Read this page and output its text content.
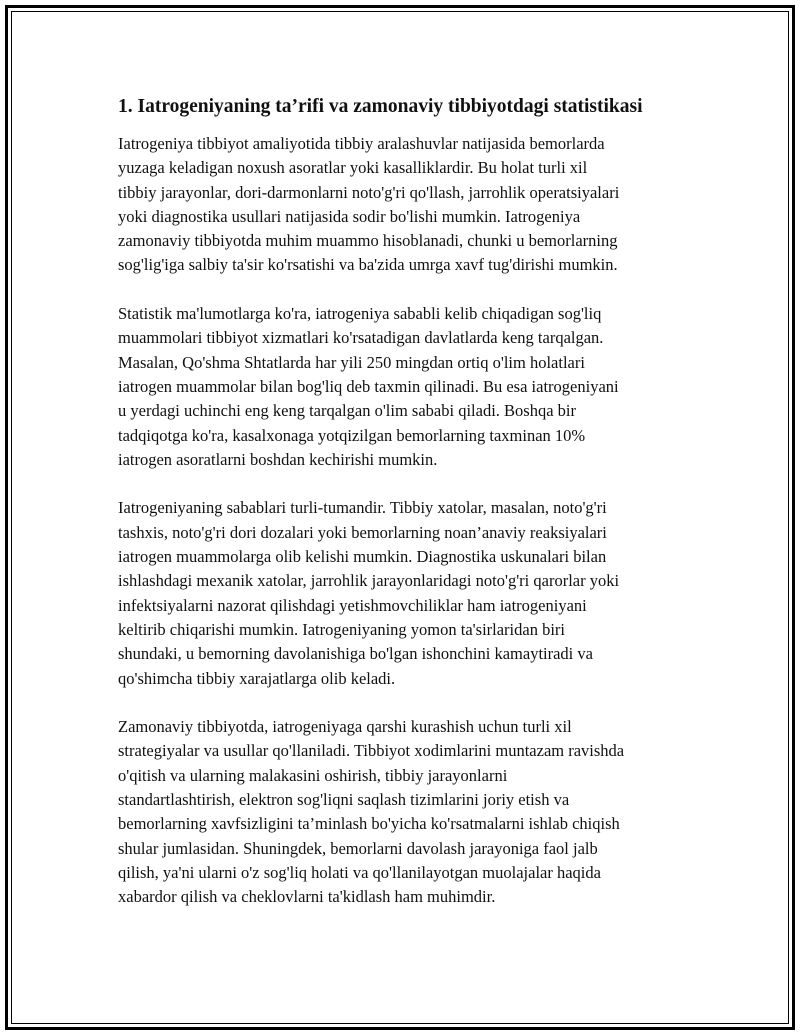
1. Iatrogeniyaning ta’rifi va zamonaviy tibbiyotdagi statistikasi

Iatrogeniya tibbiyot amaliyotida tibbiy aralashuvlar natijasida bemorlarda
yuzaga keladigan noxush asoratlar yoki kasalliklardir. Bu holat turli xil
tibbiy jarayonlar, dori-darmonlarni noto'g'ri qo'llash, jarrohlik operatsiyalari
yoki diagnostika usullari natijasida sodir bo'lishi mumkin. Iatrogeniya
zamonaviy tibbiyotda muhim muammo hisoblanadi, chunki u bemorlarning
sog'lig'iga salbiy ta'sir ko'rsatishi va ba'zida umrga xavf tug'dirishi mumkin.

Statistik ma'lumotlarga ko'ra, iatrogeniya sababli kelib chiqadigan sog'liq
muammolari tibbiyot xizmatlari ko'rsatadigan davlatlarda keng tarqalgan.
Masalan, Qo'shma Shtatlarda har yili 250 mingdan ortiq o'lim holatlari
iatrogen muammolar bilan bog'liq deb taxmin qilinadi. Bu esa iatrogeniyani
u yerdagi uchinchi eng keng tarqalgan o'lim sababi qiladi. Boshqa bir
tadqiqotga ko'ra, kasalxonaga yotqizilgan bemorlarning taxminan 10%
iatrogen asoratlarni boshdan kechirishi mumkin.

Iatrogeniyaning sabablari turli-tumandir. Tibbiy xatolar, masalan, noto'g'ri
tashxis, noto'g'ri dori dozalari yoki bemorlarning noan’anaviy reaksiyalari
iatrogen muammolarga olib kelishi mumkin. Diagnostika uskunalari bilan
ishlashdagi mexanik xatolar, jarrohlik jarayonlaridagi noto'g'ri qarorlar yoki
infektsiyalarni nazorat qilishdagi yetishmovchiliklar ham iatrogeniyani
keltirib chiqarishi mumkin. Iatrogeniyaning yomon ta'sirlaridan biri
shundaki, u bemorning davolanishiga bo'lgan ishonchini kamaytiradi va
qo'shimcha tibbiy xarajatlarga olib keladi.

Zamonaviy tibbiyotda, iatrogeniyaga qarshi kurashish uchun turli xil
strategiyalar va usullar qo'llaniladi. Tibbiyot xodimlarini muntazam ravishda
o'qitish va ularning malakasini oshirish, tibbiy jarayonlarni
standartlashtirish, elektron sog'liqni saqlash tizimlarini joriy etish va
bemorlarning xavfsizligini ta’minlash bo'yicha ko'rsatmalarni ishlab chiqish
shular jumlasidan. Shuningdek, bemorlarni davolash jarayoniga faol jalb
qilish, ya'ni ularni o'z sog'liq holati va qo'llanilayotgan muolajalar haqida
xabardor qilish va cheklovlarni ta'kidlash ham muhimdir.
